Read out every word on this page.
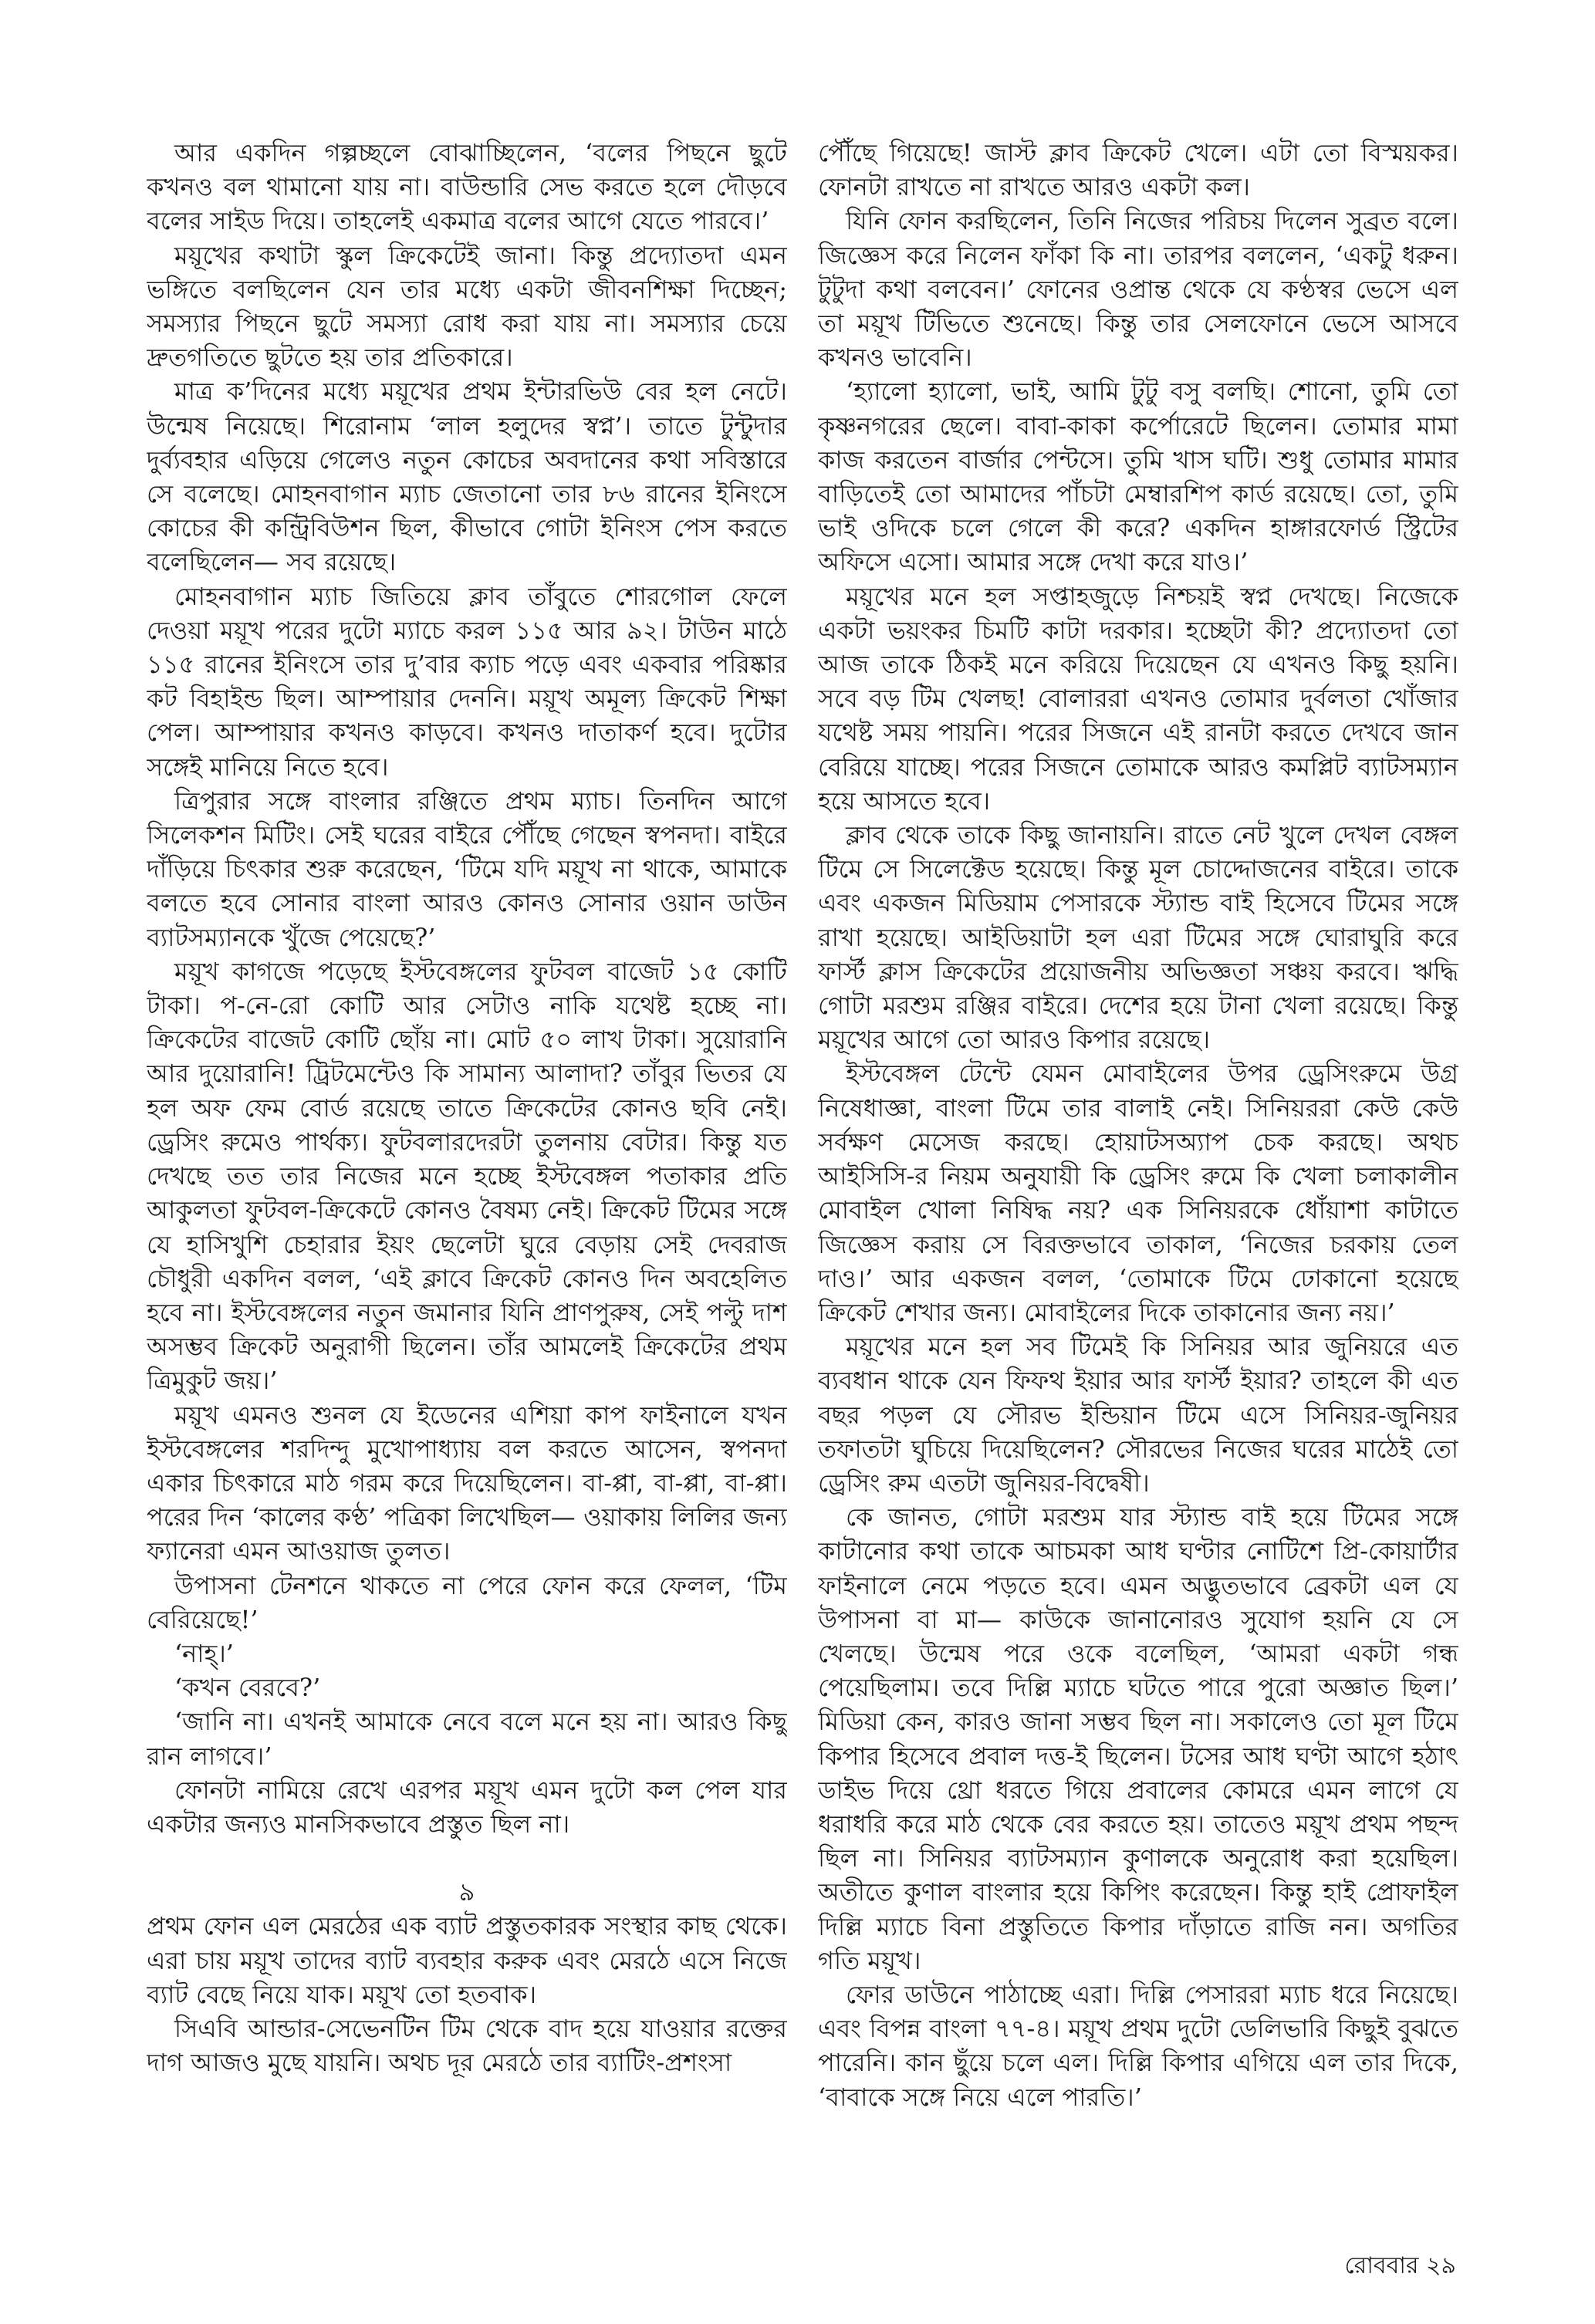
আর একদিন গল্পচ্ছলে বোঝাচ্ছিলেন, ‘বলের পিছনে ছুটে কখনও বল থামানো যায় না। বাউন্ডারি সেভ করতে হলে দৌড়বে বলের সাইড দিয়ে। তাহলেই একমাত্র বলের আগে যেতে পারবে।’

ময়ূখের কথাটা স্কুল ক্রিকেটেই জানা। কিন্তু প্রদ্যোতদা এমন ভঙ্গিতে বলছিলেন যেন তার মধ্যে একটা জীবনশিক্ষা দিচ্ছেন; সমস্যার পিছনে ছুটে সমস্যা রোধ করা যায় না। সমস্যার চেয়ে দ্রুতগতিতে ছুটতে হয় তার প্রতিকারে।

মাত্র ক’দিনের মধ্যে ময়ূখের প্রথম ইন্টারভিউ বের হল নেটে। উন্মেষ নিয়েছে। শিরোনাম ‘লাল হলুদের স্বপ্ন’। তাতে টুন্টুদার দুর্ব্যবহার এড়িয়ে গেলেও নতুন কোচের অবদানের কথা সবিস্তারে সে বলেছে। মোহনবাগান ম্যাচ জেতানো তার ৮৬ রানের ইনিংসে কোচের কী কন্ট্রিবিউশন ছিল, কীভাবে গোটা ইনিংস পেস করতে বলেছিলেন— সব রয়েছে।

মোহনবাগান ম্যাচ জিতিয়ে ক্লাব তাঁবুতে শোরগোল ফেলে দেওয়া ময়ূখ পরের দুটো ম্যাচে করল ১১৫ আর ৯২। টাউন মাঠে ১১৫ রানের ইনিংসে তার দু’বার ক্যাচ পড়ে এবং একবার পরিষ্কার কট বিহাইন্ড ছিল। আম্পায়ার দেননি। ময়ূখ অমূল্য ক্রিকেট শিক্ষা পেল। আম্পায়ার কখনও কাড়বে। কখনও দাতাকর্ণ হবে। দুটোর সঙ্গেই মানিয়ে নিতে হবে।

ত্রিপুরার সঙ্গে বাংলার রঞ্জিতে প্রথম ম্যাচ। তিনদিন আগে সিলেকশন মিটিং। সেই ঘরের বাইরে পৌঁছে গেছেন স্বপনদা। বাইরে দাঁড়িয়ে চিৎকার শুরু করেছেন, ‘টিমে যদি ময়ূখ না থাকে, আমাকে বলতে হবে সোনার বাংলা আরও কোনও সোনার ওয়ান ডাউন ব্যাটসম্যানকে খুঁজে পেয়েছে?’

ময়ূখ কাগজে পড়েছে ইস্টবেঙ্গলের ফুটবল বাজেট ১৫ কোটি টাকা। প-নে-রো কোটি আর সেটাও নাকি যথেষ্ট হচ্ছে না। ক্রিকেটের বাজেট কোটি ছোঁয় না। মোট ৫০ লাখ টাকা। সুয়োরানি আর দুয়োরানি! ট্রিটমেন্টেও কি সামান্য আলাদা? তাঁবুর ভিতর যে হল অফ ফেম বোর্ড রয়েছে তাতে ক্রিকেটের কোনও ছবি নেই। ড্রেসিং রুমেও পার্থক্য। ফুটবলারদেরটা তুলনায় বেটার। কিন্তু যত দেখছে তত তার নিজের মনে হচ্ছে ইস্টবেঙ্গল পতাকার প্রতি আকুলতা ফুটবল-ক্রিকেটে কোনও বৈষম্য নেই। ক্রিকেট টিমের সঙ্গে যে হাসিখুশি চেহারার ইয়ং ছেলেটা ঘুরে বেড়ায় সেই দেবরাজ চৌধুরী একদিন বলল, ‘এই ক্লাবে ক্রিকেট কোনও দিন অবহেলিত হবে না। ইস্টবেঙ্গলের নতুন জমানার যিনি প্রাণপুরুষ, সেই পল্টু দাশ অসম্ভব ক্রিকেট অনুরাগী ছিলেন। তাঁর আমলেই ক্রিকেটের প্রথম ত্রিমুকুট জয়।’

ময়ূখ এমনও শুনল যে ইডেনের এশিয়া কাপ ফাইনালে যখন ইস্টবেঙ্গলের শরদিন্দু মুখোপাধ্যায় বল করতে আসেন, স্বপনদা একার চিৎকারে মাঠ গরম করে দিয়েছিলেন। বা-প্পা, বা-প্পা, বা-প্পা। পরের দিন ‘কালের কণ্ঠ’ পত্রিকা লিখেছিল— ওয়াকায় লিলির জন্য ফ্যানেরা এমন আওয়াজ তুলত।

উপাসনা টেনশনে থাকতে না পেরে ফোন করে ফেলল, ‘টিম বেরিয়েছে!’

‘নাহ্।’

‘কখন বেরবে?’

‘জানি না। এখনই আমাকে নেবে বলে মনে হয় না। আরও কিছু রান লাগবে।’

ফোনটা নামিয়ে রেখে এরপর ময়ূখ এমন দুটো কল পেল যার একটার জন্যও মানসিকভাবে প্রস্তুত ছিল না।

৯

প্রথম ফোন এল মেরঠের এক ব্যাট প্রস্তুতকারক সংস্থার কাছ থেকে। এরা চায় ময়ূখ তাদের ব্যাট ব্যবহার করুক এবং মেরঠে এসে নিজে ব্যাট বেছে নিয়ে যাক। ময়ূখ তো হতবাক।

সিএবি আন্ডার-সেভেনটিন টিম থেকে বাদ হয়ে যাওয়ার রক্তের দাগ আজও মুছে যায়নি। অথচ দূর মেরঠে তার ব্যাটিং-প্রশংসা

পৌঁছে গিয়েছে! জাস্ট ক্লাব ক্রিকেট খেলে। এটা তো বিস্ময়কর। ফোনটা রাখতে না রাখতে আরও একটা কল।

যিনি ফোন করছিলেন, তিনি নিজের পরিচয় দিলেন সুব্রত বলে। জিজ্ঞেস করে নিলেন ফাঁকা কি না। তারপর বললেন, ‘একটু ধরুন। টুটুদা কথা বলবেন।’ ফোনের ওপ্রান্ত থেকে যে কণ্ঠস্বর ভেসে এল তা ময়ূখ টিভিতে শুনেছে। কিন্তু তার সেলফোনে ভেসে আসবে কখনও ভাবেনি।

‘হ্যালো হ্যালো, ভাই, আমি টুটু বসু বলছি। শোনো, তুমি তো কৃষ্ণনগরের ছেলে। বাবা-কাকা কর্পোরেটে ছিলেন। তোমার মামা কাজ করতেন বার্জার পেন্টসে। তুমি খাস ঘটি। শুধু তোমার মামার বাড়িতেই তো আমাদের পাঁচটা মেম্বারশিপ কার্ড রয়েছে। তো, তুমি ভাই ওদিকে চলে গেলে কী করে? একদিন হাঙ্গারফোর্ড স্ট্রিটের অফিসে এসো। আমার সঙ্গে দেখা করে যাও।’

ময়ূখের মনে হল সপ্তাহজুড়ে নিশ্চয়ই স্বপ্ন দেখছে। নিজেকে একটা ভয়ংকর চিমটি কাটা দরকার। হচ্ছেটা কী? প্রদ্যোতদা তো আজ তাকে ঠিকই মনে করিয়ে দিয়েছেন যে এখনও কিছু হয়নি। সবে বড় টিম খেলছ! বোলাররা এখনও তোমার দুর্বলতা খোঁজার যথেষ্ট সময় পায়নি। পরের সিজনে এই রানটা করতে দেখবে জান বেরিয়ে যাচ্ছে। পরের সিজনে তোমাকে আরও কমপ্লিট ব্যাটসম্যান হয়ে আসতে হবে।

ক্লাব থেকে তাকে কিছু জানায়নি। রাতে নেট খুলে দেখল বেঙ্গল টিমে সে সিলেক্টেড হয়েছে। কিন্তু মূল চোদ্দোজনের বাইরে। তাকে এবং একজন মিডিয়াম পেসারকে স্ট্যান্ড বাই হিসেবে টিমের সঙ্গে রাখা হয়েছে। আইডিয়াটা হল এরা টিমের সঙ্গে ঘোরাঘুরি করে ফার্স্ট ক্লাস ক্রিকেটের প্রয়োজনীয় অভিজ্ঞতা সঞ্চয় করবে। ঋদ্ধি গোটা মরশুম রঞ্জির বাইরে। দেশের হয়ে টানা খেলা রয়েছে। কিন্তু ময়ূখের আগে তো আরও কিপার রয়েছে।

ইস্টবেঙ্গল টেন্টে যেমন মোবাইলের উপর ড্রেসিংরুমে উগ্র নিষেধাজ্ঞা, বাংলা টিমে তার বালাই নেই। সিনিয়ররা কেউ কেউ সর্বক্ষণ মেসেজ করছে। হোয়াটসঅ্যাপ চেক করছে। অথচ আইসিসি-র নিয়ম অনুযায়ী কি ড্রেসিং রুমে কি খেলা চলাকালীন মোবাইল খোলা নিষিদ্ধ নয়? এক সিনিয়রকে ধোঁয়াশা কাটাতে জিজ্ঞেস করায় সে বিরক্তভাবে তাকাল, ‘নিজের চরকায় তেল দাও।’ আর একজন বলল, ‘তোমাকে টিমে ঢোকানো হয়েছে ক্রিকেট শেখার জন্য। মোবাইলের দিকে তাকানোর জন্য নয়।’

ময়ূখের মনে হল সব টিমেই কি সিনিয়র আর জুনিয়রে এত ব্যবধান থাকে যেন ফিফথ ইয়ার আর ফার্স্ট ইয়ার? তাহলে কী এত বছর পড়ল যে সৌরভ ইন্ডিয়ান টিমে এসে সিনিয়র-জুনিয়র তফাতটা ঘুচিয়ে দিয়েছিলেন? সৌরভের নিজের ঘরের মাঠেই তো ড্রেসিং রুম এতটা জুনিয়র-বিদ্বেষী।

কে জানত, গোটা মরশুম যার স্ট্যান্ড বাই হয়ে টিমের সঙ্গে কাটানোর কথা তাকে আচমকা আধ ঘণ্টার নোটিশে প্রি-কোয়ার্টার ফাইনালে নেমে পড়তে হবে। এমন অদ্ভুতভাবে ব্রেকটা এল যে উপাসনা বা মা— কাউকে জানানোরও সুযোগ হয়নি যে সে খেলছে। উন্মেষ পরে ওকে বলেছিল, ‘আমরা একটা গন্ধ পেয়েছিলাম। তবে দিল্লি ম্যাচে ঘটতে পারে পুরো অজ্ঞাত ছিল।’ মিডিয়া কেন, কারও জানা সম্ভব ছিল না। সকালেও তো মূল টিমে কিপার হিসেবে প্রবাল দত্ত-ই ছিলেন। টসের আধ ঘণ্টা আগে হঠাৎ ডাইভ দিয়ে থ্রো ধরতে গিয়ে প্রবালের কোমরে এমন লাগে যে ধরাধরি করে মাঠ থেকে বের করতে হয়। তাতেও ময়ূখ প্রথম পছন্দ ছিল না। সিনিয়র ব্যাটসম্যান কুণালকে অনুরোধ করা হয়েছিল। অতীতে কুণাল বাংলার হয়ে কিপিং করেছেন। কিন্তু হাই প্রোফাইল দিল্লি ম্যাচে বিনা প্রস্তুতিতে কিপার দাঁড়াতে রাজি নন। অগতির গতি ময়ূখ।

ফোর ডাউনে পাঠাচ্ছে এরা। দিল্লি পেসাররা ম্যাচ ধরে নিয়েছে। এবং বিপন্ন বাংলা ৭৭-৪। ময়ূখ প্রথম দুটো ডেলিভারি কিছুই বুঝতে পারেনি। কান ছুঁয়ে চলে এল। দিল্লি কিপার এগিয়ে এল তার দিকে, ‘বাবাকে সঙ্গে নিয়ে এলে পারতি।’

রোববার ২৯
